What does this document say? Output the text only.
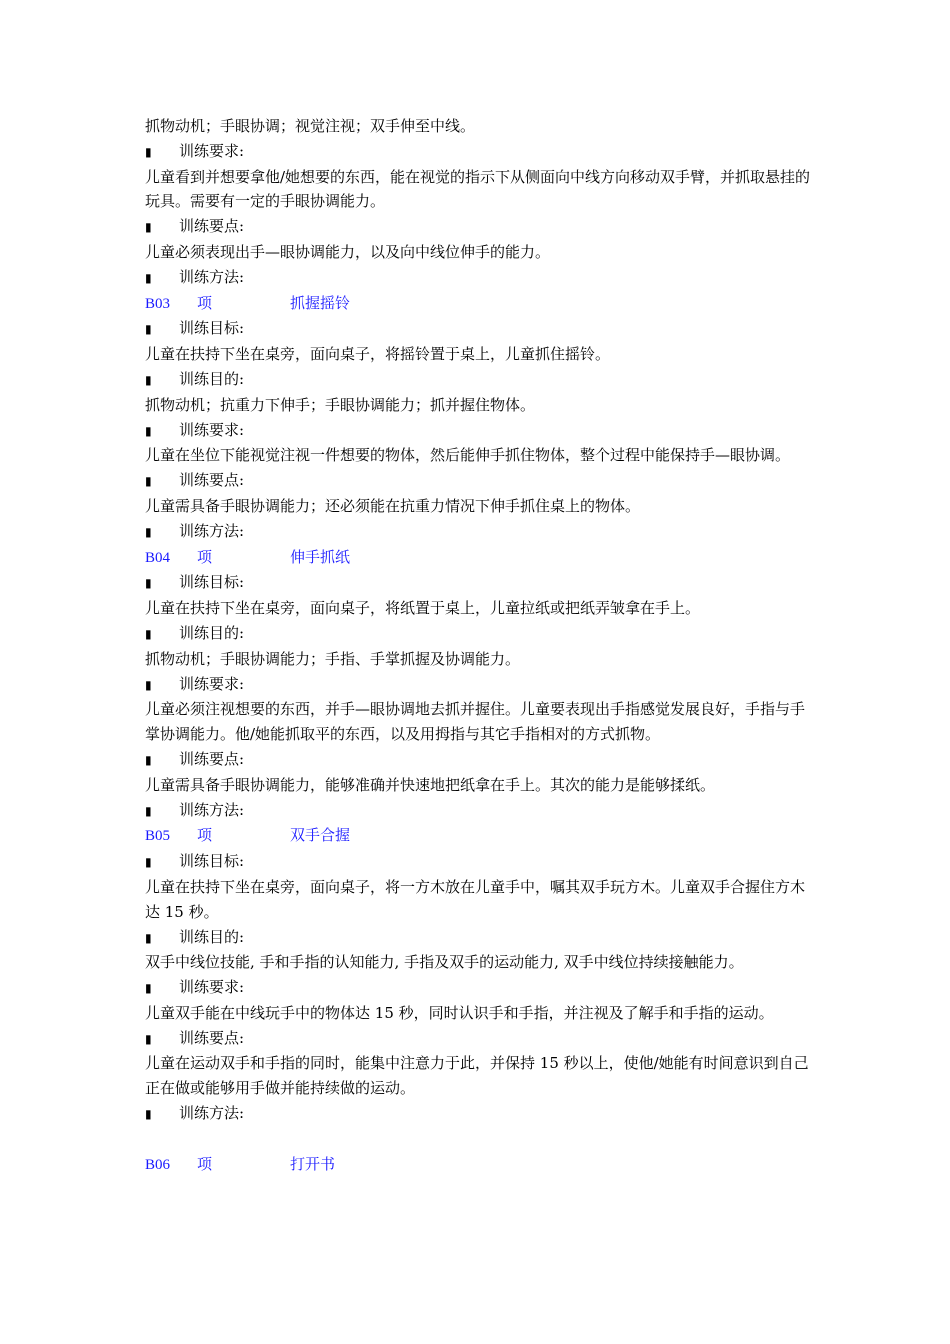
抓物动机；手眼协调；视觉注视；双手伸至中线。
▮ 训练要求:
儿童看到并想要拿他/她想要的东西，能在视觉的指示下从侧面向中线方向移动双手臂，并抓取悬挂的玩具。需要有一定的手眼协调能力。
▮ 训练要点:
儿童必须表现出手—眼协调能力，以及向中线位伸手的能力。
▮ 训练方法:
B03 项	抓握摇铃
▮ 训练目标:
儿童在扶持下坐在桌旁，面向桌子，将摇铃置于桌上，儿童抓住摇铃。
▮ 训练目的:
抓物动机；抗重力下伸手；手眼协调能力；抓并握住物体。
▮ 训练要求:
儿童在坐位下能视觉注视一件想要的物体，然后能伸手抓住物体，整个过程中能保持手—眼协调。
▮ 训练要点:
儿童需具备手眼协调能力；还必须能在抗重力情况下伸手抓住桌上的物体。
▮ 训练方法:
B04 项	伸手抓纸
▮ 训练目标:
儿童在扶持下坐在桌旁，面向桌子，将纸置于桌上，儿童拉纸或把纸弄皱拿在手上。
▮ 训练目的:
抓物动机；手眼协调能力；手指、手掌抓握及协调能力。
▮ 训练要求:
儿童必须注视想要的东西，并手—眼协调地去抓并握住。儿童要表现出手指感觉发展良好，手指与手掌协调能力。他/她能抓取平的东西，以及用拇指与其它手指相对的方式抓物。
▮ 训练要点:
儿童需具备手眼协调能力，能够准确并快速地把纸拿在手上。其次的能力是能够揉纸。
▮ 训练方法:
B05 项	双手合握
▮ 训练目标:
儿童在扶持下坐在桌旁，面向桌子，将一方木放在儿童手中，嘱其双手玩方木。儿童双手合握住方木达 15 秒。
▮ 训练目的:
双手中线位技能, 手和手指的认知能力, 手指及双手的运动能力, 双手中线位持续接触能力。
▮ 训练要求:
儿童双手能在中线玩手中的物体达 15 秒，同时认识手和手指，并注视及了解手和手指的运动。
▮ 训练要点:
儿童在运动双手和手指的同时，能集中注意力于此，并保持 15 秒以上，使他/她能有时间意识到自己正在做或能够用手做并能持续做的运动。
▮ 训练方法:
B06 项	打开书
